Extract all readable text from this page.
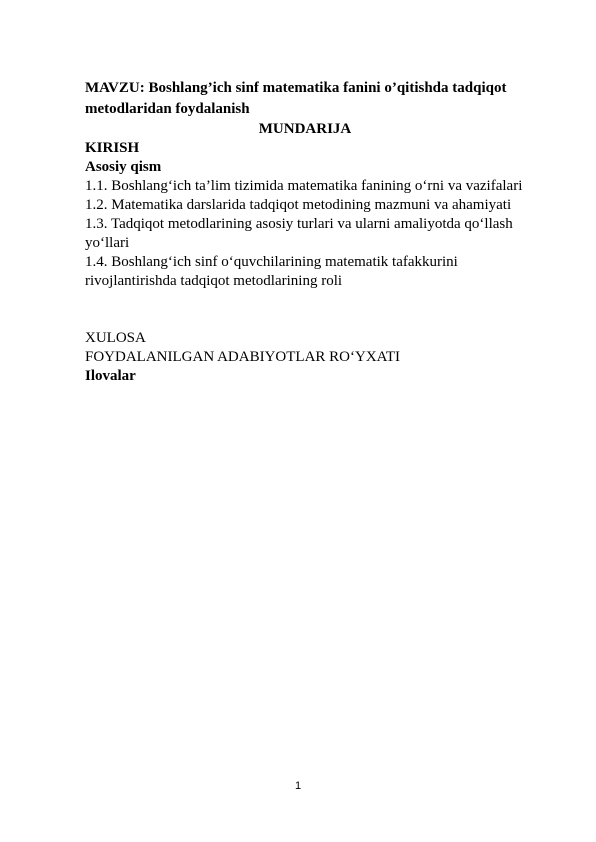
MAVZU: Boshlang’ich sinf matematika fanini o’qitishda tadqiqot metodlaridan foydalanish

MUNDARIJA

KIRISH

Asosiy qism

1.1. Boshlang‘ich ta’lim tizimida matematika fanining o‘rni va vazifalari

1.2. Matematika darslarida tadqiqot metodining mazmuni va ahamiyati

1.3. Tadqiqot metodlarining asosiy turlari va ularni amaliyotda qo‘llash yo‘llari

1.4. Boshlang‘ich sinf o‘quvchilarining matematik tafakkurini rivojlantirishda tadqiqot metodlarining roli

XULOSA

FOYDALANILGAN ADABIYOTLAR RO‘YXATI

Ilovalar

1
